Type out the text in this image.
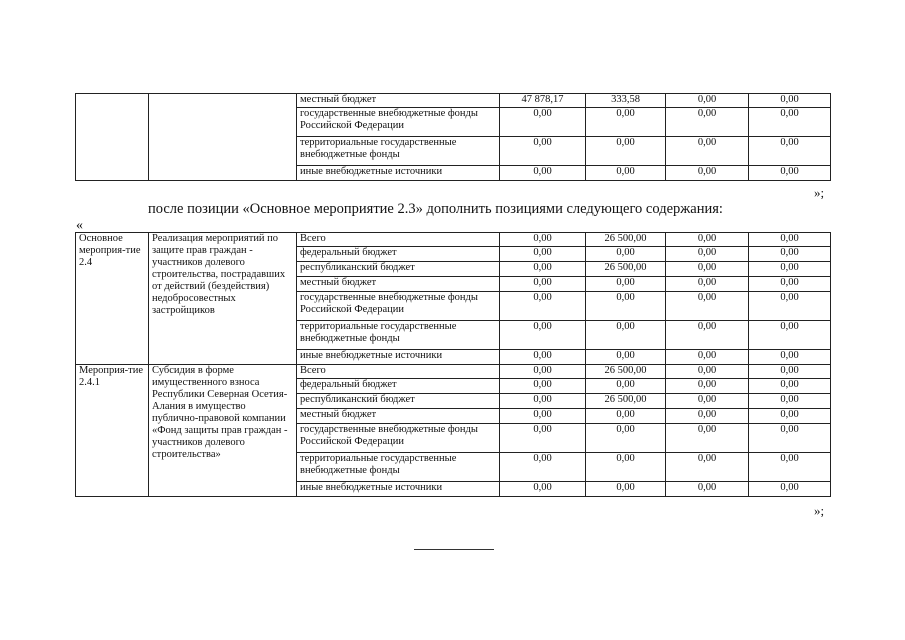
		местный бюджет	47 878,17	333,58	0,00	0,00
		государственные внебюджетные фонды Российской Федерации	0,00	0,00	0,00	0,00
		территориальные государственные внебюджетные фонды	0,00	0,00	0,00	0,00
		иные внебюджетные источники	0,00	0,00	0,00	0,00
»;
после позиции «Основное мероприятие 2.3» дополнить позициями следующего содержания:
«
Основное мероприя-тие 2.4	Реализация мероприятий по защите прав граждан - участников долевого строительства, пострадавших от действий (бездействия) недобросовестных застройщиков	Всего	0,00	26 500,00	0,00	0,00
		федеральный бюджет	0,00	0,00	0,00	0,00
		республиканский бюджет	0,00	26 500,00	0,00	0,00
		местный бюджет	0,00	0,00	0,00	0,00
		государственные внебюджетные фонды Российской Федерации	0,00	0,00	0,00	0,00
		территориальные государственные внебюджетные фонды	0,00	0,00	0,00	0,00
		иные внебюджетные источники	0,00	0,00	0,00	0,00
Мероприя-тие 2.4.1	Субсидия в форме имущественного взноса Республики Северная Осетия-Алания в имущество публично-правовой компании «Фонд защиты прав граждан - участников долевого строительства»	Всего	0,00	26 500,00	0,00	0,00
		федеральный бюджет	0,00	0,00	0,00	0,00
		республиканский бюджет	0,00	26 500,00	0,00	0,00
		местный бюджет	0,00	0,00	0,00	0,00
		государственные внебюджетные фонды Российской Федерации	0,00	0,00	0,00	0,00
		территориальные государственные внебюджетные фонды	0,00	0,00	0,00	0,00
		иные внебюджетные источники	0,00	0,00	0,00	0,00
»;
